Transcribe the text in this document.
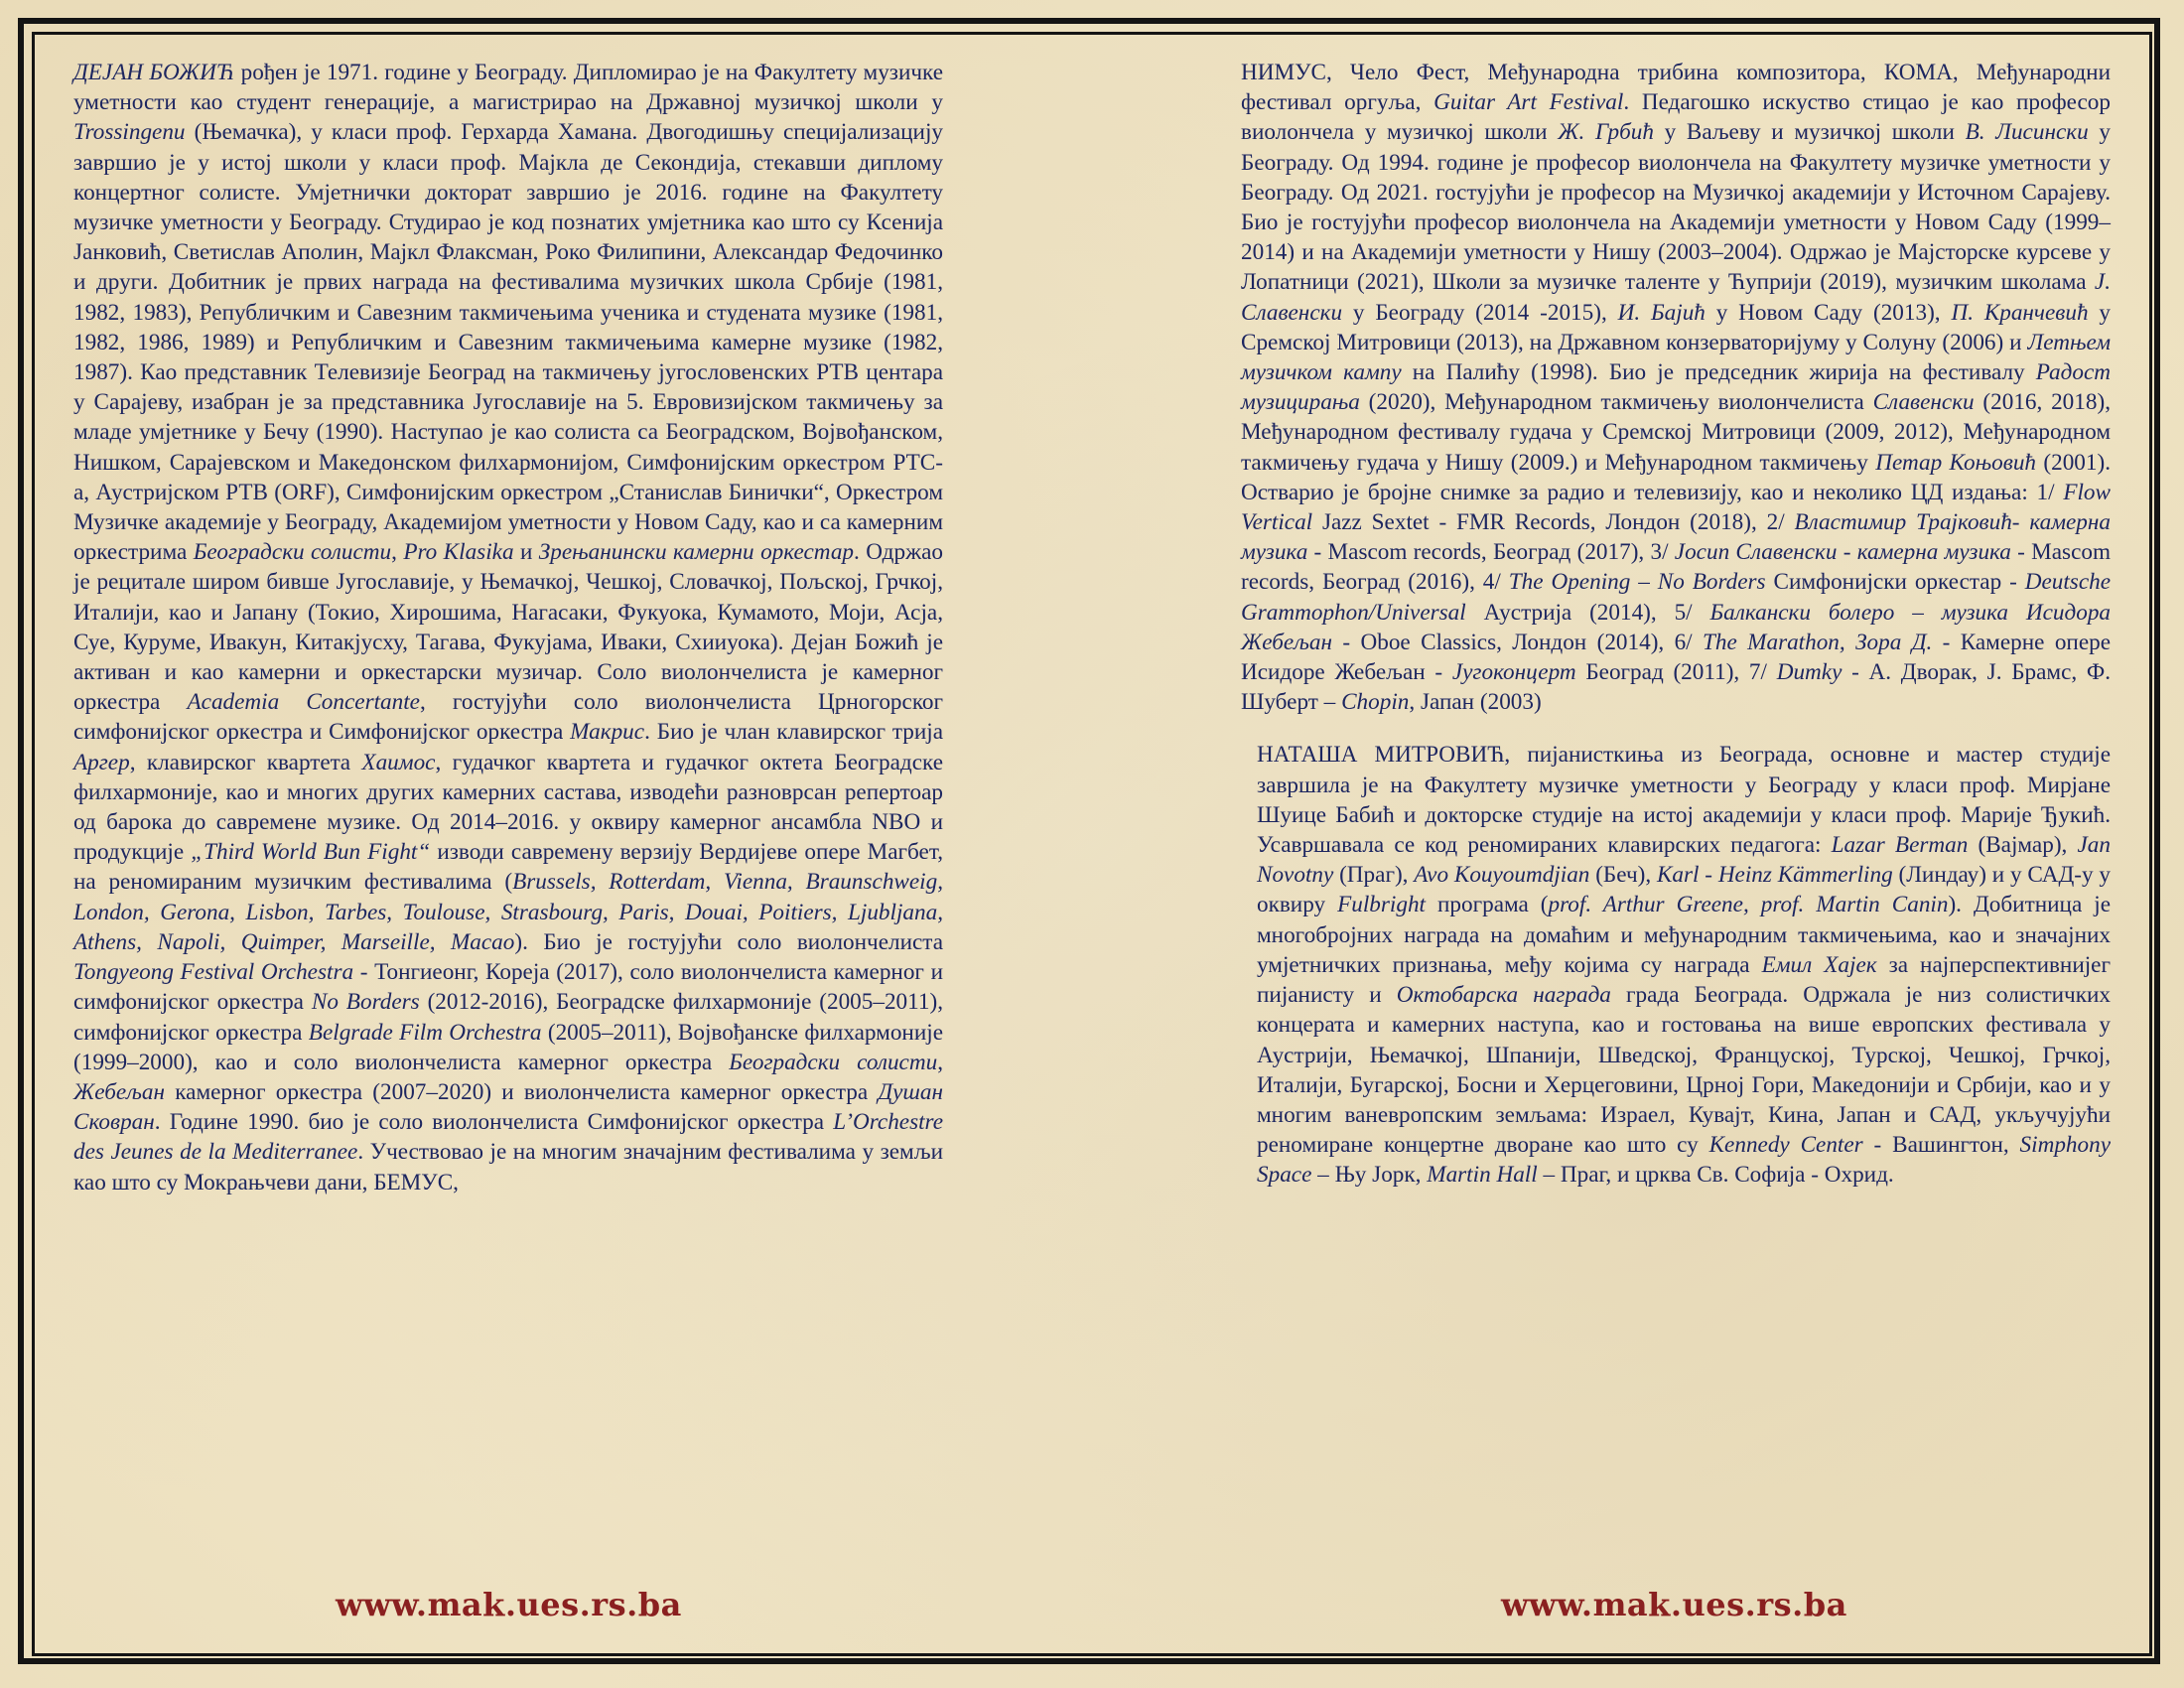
ДЕЈАН БОЖИЋ рођен је 1971. године у Београду. Дипломирао је на Факултету музичке уметности као студент генерације, а магистрирао на Државној музичкој школи у Trossingenu (Њемачка), у класи проф. Герхарда Хамана. Двогодишњу специјализацију завршио је у истој школи у класи проф. Мајкла де Секондија, стекавши диплому концертног солисте. Умјетнички докторат завршио је 2016. године на Факултету музичке уметности у Београду. Студирао је код познатих умјетника као што су Ксенија Јанковић, Светислав Аполин, Мајкл Флаксман, Роко Филипини, Александар Федочинко и други. Добитник је првих награда на фестивалима музичких школа Србије (1981, 1982, 1983), Републичким и Савезним такмичењима ученика и студената музике (1981, 1982, 1986, 1989) и Републичким и Савезним такмичењима камерне музике (1982, 1987). Као представник Телевизије Београд на такмичењу југословенских РТВ центара у Сарајеву, изабран је за представника Југославије на 5. Евровизијском такмичењу за младе умјетнике у Бечу (1990). Наступао је као солиста са Београдском, Војвођанском, Нишком, Сарајевском и Македонском филхармонијом, Симфонијским оркестром РТС-а, Аустријском РТВ (ORF), Симфонијским оркестром „Станислав Бинички“, Оркестром Музичке академије у Београду, Академијом уметности у Новом Саду, као и са камерним оркестрима Београдски солисти, Pro Klasika и Зрењанински камерни оркестар. Одржао је рецитале широм бивше Југославије, у Њемачкој, Чешкој, Словачкој, Пољској, Грчкој, Италији, као и Јапану (Токио, Хирошима, Нагасаки, Фукуока, Кумамото, Моји, Асја, Суе, Куруме, Ивакун, Китакјусху, Тагава, Фукујама, Иваки, Схииуока). Дејан Божић је активан и као камерни и оркестарски музичар. Соло виолончелиста је камерног оркестра Academia Concertante, гостујући соло виолончелиста Црногорског симфонијског оркестра и Симфонијског оркестра Макрис. Био је члан клавирског трија Аргер, клавирског квартетa Хаимос, гудачког квартета и гудачког октета Београдске филхармоније, као и многих других камерних састава, изводећи разноврсан репертоар од барока до савремене музике. Од 2014–2016. у оквиру камерног ансамбла NBO и продукције „Third World Bun Fight“ изводи савремену верзију Вердијеве опере Магбет, на реномираним музичким фестивалима (Brussels, Rotterdam, Vienna, Braunschweig, London, Gerona, Lisbon, Tarbes, Toulouse, Strasbourg, Paris, Douai, Poitiers, Ljubljana, Athens, Napoli, Quimper, Marseille, Macao). Био је гостујући соло виолончелиста Tongyeong Festival Orchestra - Тонгиеонг, Кореја (2017), соло виолончелиста камерног и симфонијског оркестра No Borders (2012-2016), Београдске филхармоније (2005–2011), симфонијског оркестра Belgrade Film Orchestra (2005–2011), Војвођанске филхармоније (1999–2000), као и соло виолончелиста камерног оркестра Београдски солисти, Жебељан камерног оркестра (2007–2020) и виолончелиста камерног оркестра Душан Сковран. Године 1990. био је соло виолончелиста Симфонијског оркестра L’Orchestre des Jeunes de la Mediterranee. Учествовао је на многим значајним фестивалима у земљи као што су Мокрањчеви дани, БЕМУС,

НИМУС, Чело Фест, Међународна трибина композитора, КОМА, Међународни фестивал оргуља, Guitar Art Festival. Педагошко искуство стицао је као професор виолончела у музичкој школи Ж. Грбић у Ваљеву и музичкој школи В. Лисински у Београду. Од 1994. године је професор виолончела на Факултету музичке уметности у Београду. Од 2021. гостујући је професор на Музичкој академији у Источном Сарајеву. Био је гостујући професор виолончела на Академији уметности у Новом Саду (1999–2014) и на Академији уметности у Нишу (2003–2004). Одржао је Мајсторске курсеве у Лопатници (2021), Школи за музичке таленте у Ћуприји (2019), музичким школама Ј. Славенски у Београду (2014 -2015), И. Бајић у Новом Саду (2013), П. Кранчевић у Сремској Митровици (2013), на Државном конзерваторијуму у Солуну (2006) и Летњем музичком кампу на Палићу (1998). Био је председник жирија на фестивалу Радост музицирања (2020), Међународном такмичењу виолончелиста Славенски (2016, 2018), Међународном фестивалу гудача у Сремској Митровици (2009, 2012), Међународном такмичењу гудача у Нишу (2009.) и Међународном такмичењу Петар Коњовић (2001). Остварио је бројне снимке за радио и телевизију, као и неколико ЦД издања: 1/ Flow Vertical Jazz Sextet - FMR Records, Лондон (2018), 2/ Властимир Трајковић- камерна музика - Mascom records, Београд (2017), 3/ Јосип Славенски - камерна музика - Mascom records, Београд (2016), 4/ The Opening – No Borders Симфонијски оркестар - Deutsche Grammophon/Universal Аустрија (2014), 5/ Балкански болеро – музика Исидора Жебељан - Oboe Classics, Лондон (2014), 6/ The Marathon, Зора Д. - Камерне опере Исидоре Жебељан - Југоконцерт Београд (2011), 7/ Dumky - А. Дворак, Ј. Брамс, Ф. Шуберт – Chopin, Јапан (2003)

НАТАША МИТРОВИЋ, пијанисткиња из Београда, основне и мастер студије завршила је на Факултету музичке уметности у Београду у класи проф. Мирјане Шуице Бабић и докторске студије на истој академији у класи проф. Марије Ђукић. Усавршавала се код реномираних клавирских педагога: Lazar Berman (Вајмар), Jan Novotny (Праг), Avo Kouyoumdjian (Беч), Karl - Heinz Kämmerling (Линдау) и у САД-у у оквиру Fulbright програма (prof. Arthur Greene, prof. Martin Canin). Добитница је многобројних награда на домаћим и међународним такмичењима, као и значајних умјетничких признања, међу којима су награда Емил Хајек за најперспективнијег пијанисту и Октобарска награда града Београда. Одржала је низ солистичких концерата и камерних наступа, као и гостовања на више европских фестивала у Аустрији, Њемачкој, Шпанији, Шведској, Француској, Турској, Чешкој, Грчкој, Италији, Бугарској, Босни и Херцеговини, Црној Гори, Македонији и Србији, као и у многим ваневропским земљама: Израел, Кувајт, Кина, Јапан и САД, укључујући реномиране концертне дворане као што су Kennedy Center - Вашингтон, Simphony Space – Њу Јорк, Martin Hall – Праг, и црква Св. Софија - Охрид.

www.mak.ues.rs.ba	www.mak.ues.rs.ba
